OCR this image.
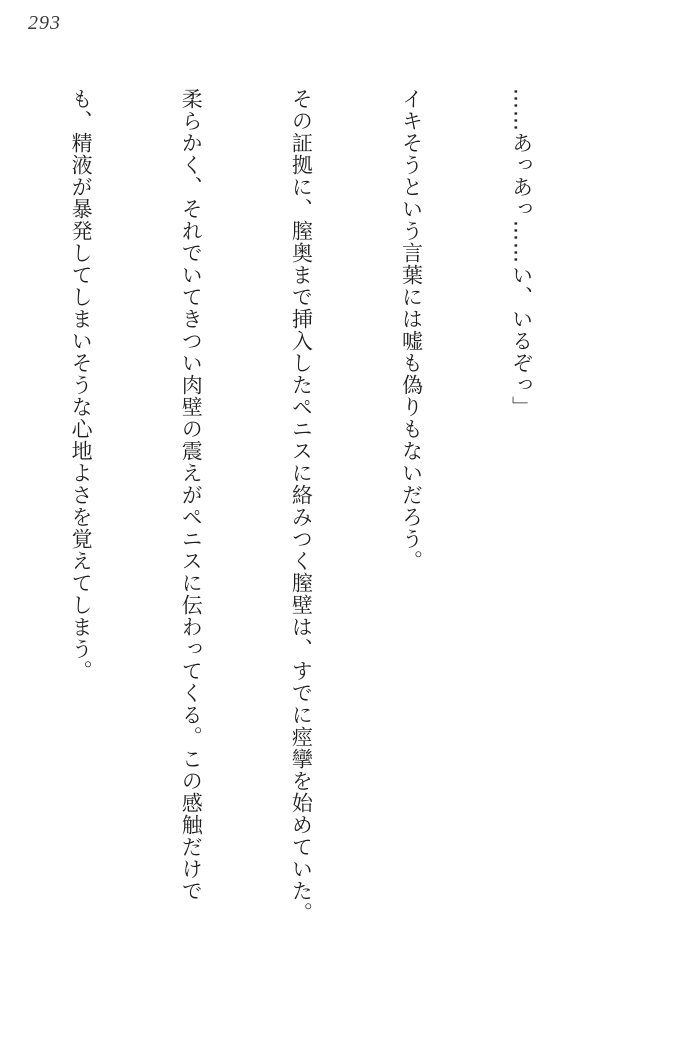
293

……あっあっ……い、いるぞっ」

イキそうという言葉には嘘も偽りもないだろう。

その証拠に、膣奥まで挿入したペニスに絡みつく膣壁は、すでに痙攣を始めていた。

柔らかく、それでいてきつい肉壁の震えがペニスに伝わってくる。この感触だけで

も、精液が暴発してしまいそうな心地よさを覚えてしまう。
